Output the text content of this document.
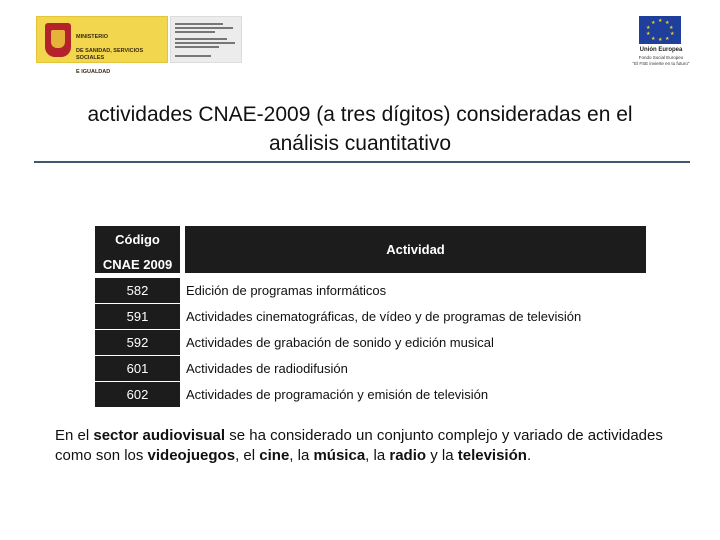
MINISTERIO

DE SANIDAD, SERVICIOS SOCIALES

E IGUALDAD

★ ★
★
★
★
★
★
★
★
★
Unión Europea
Fondo Social Europeo
"El FSE invierte en tu futuro"
actividades CNAE-2009 (a tres dígitos) consideradas en el
análisis cuantitativo
Código
CNAE 2009	Actividad
582	Edición de programas informáticos
591	Actividades cinematográficas, de vídeo y de programas de televisión
592	Actividades de grabación de sonido y edición musical
601	Actividades de radiodifusión
602	Actividades de programación y emisión de televisión
En el sector audiovisual se ha considerado un conjunto complejo y variado de actividades como son los videojuegos, el cine, la música, la radio y la televisión.
